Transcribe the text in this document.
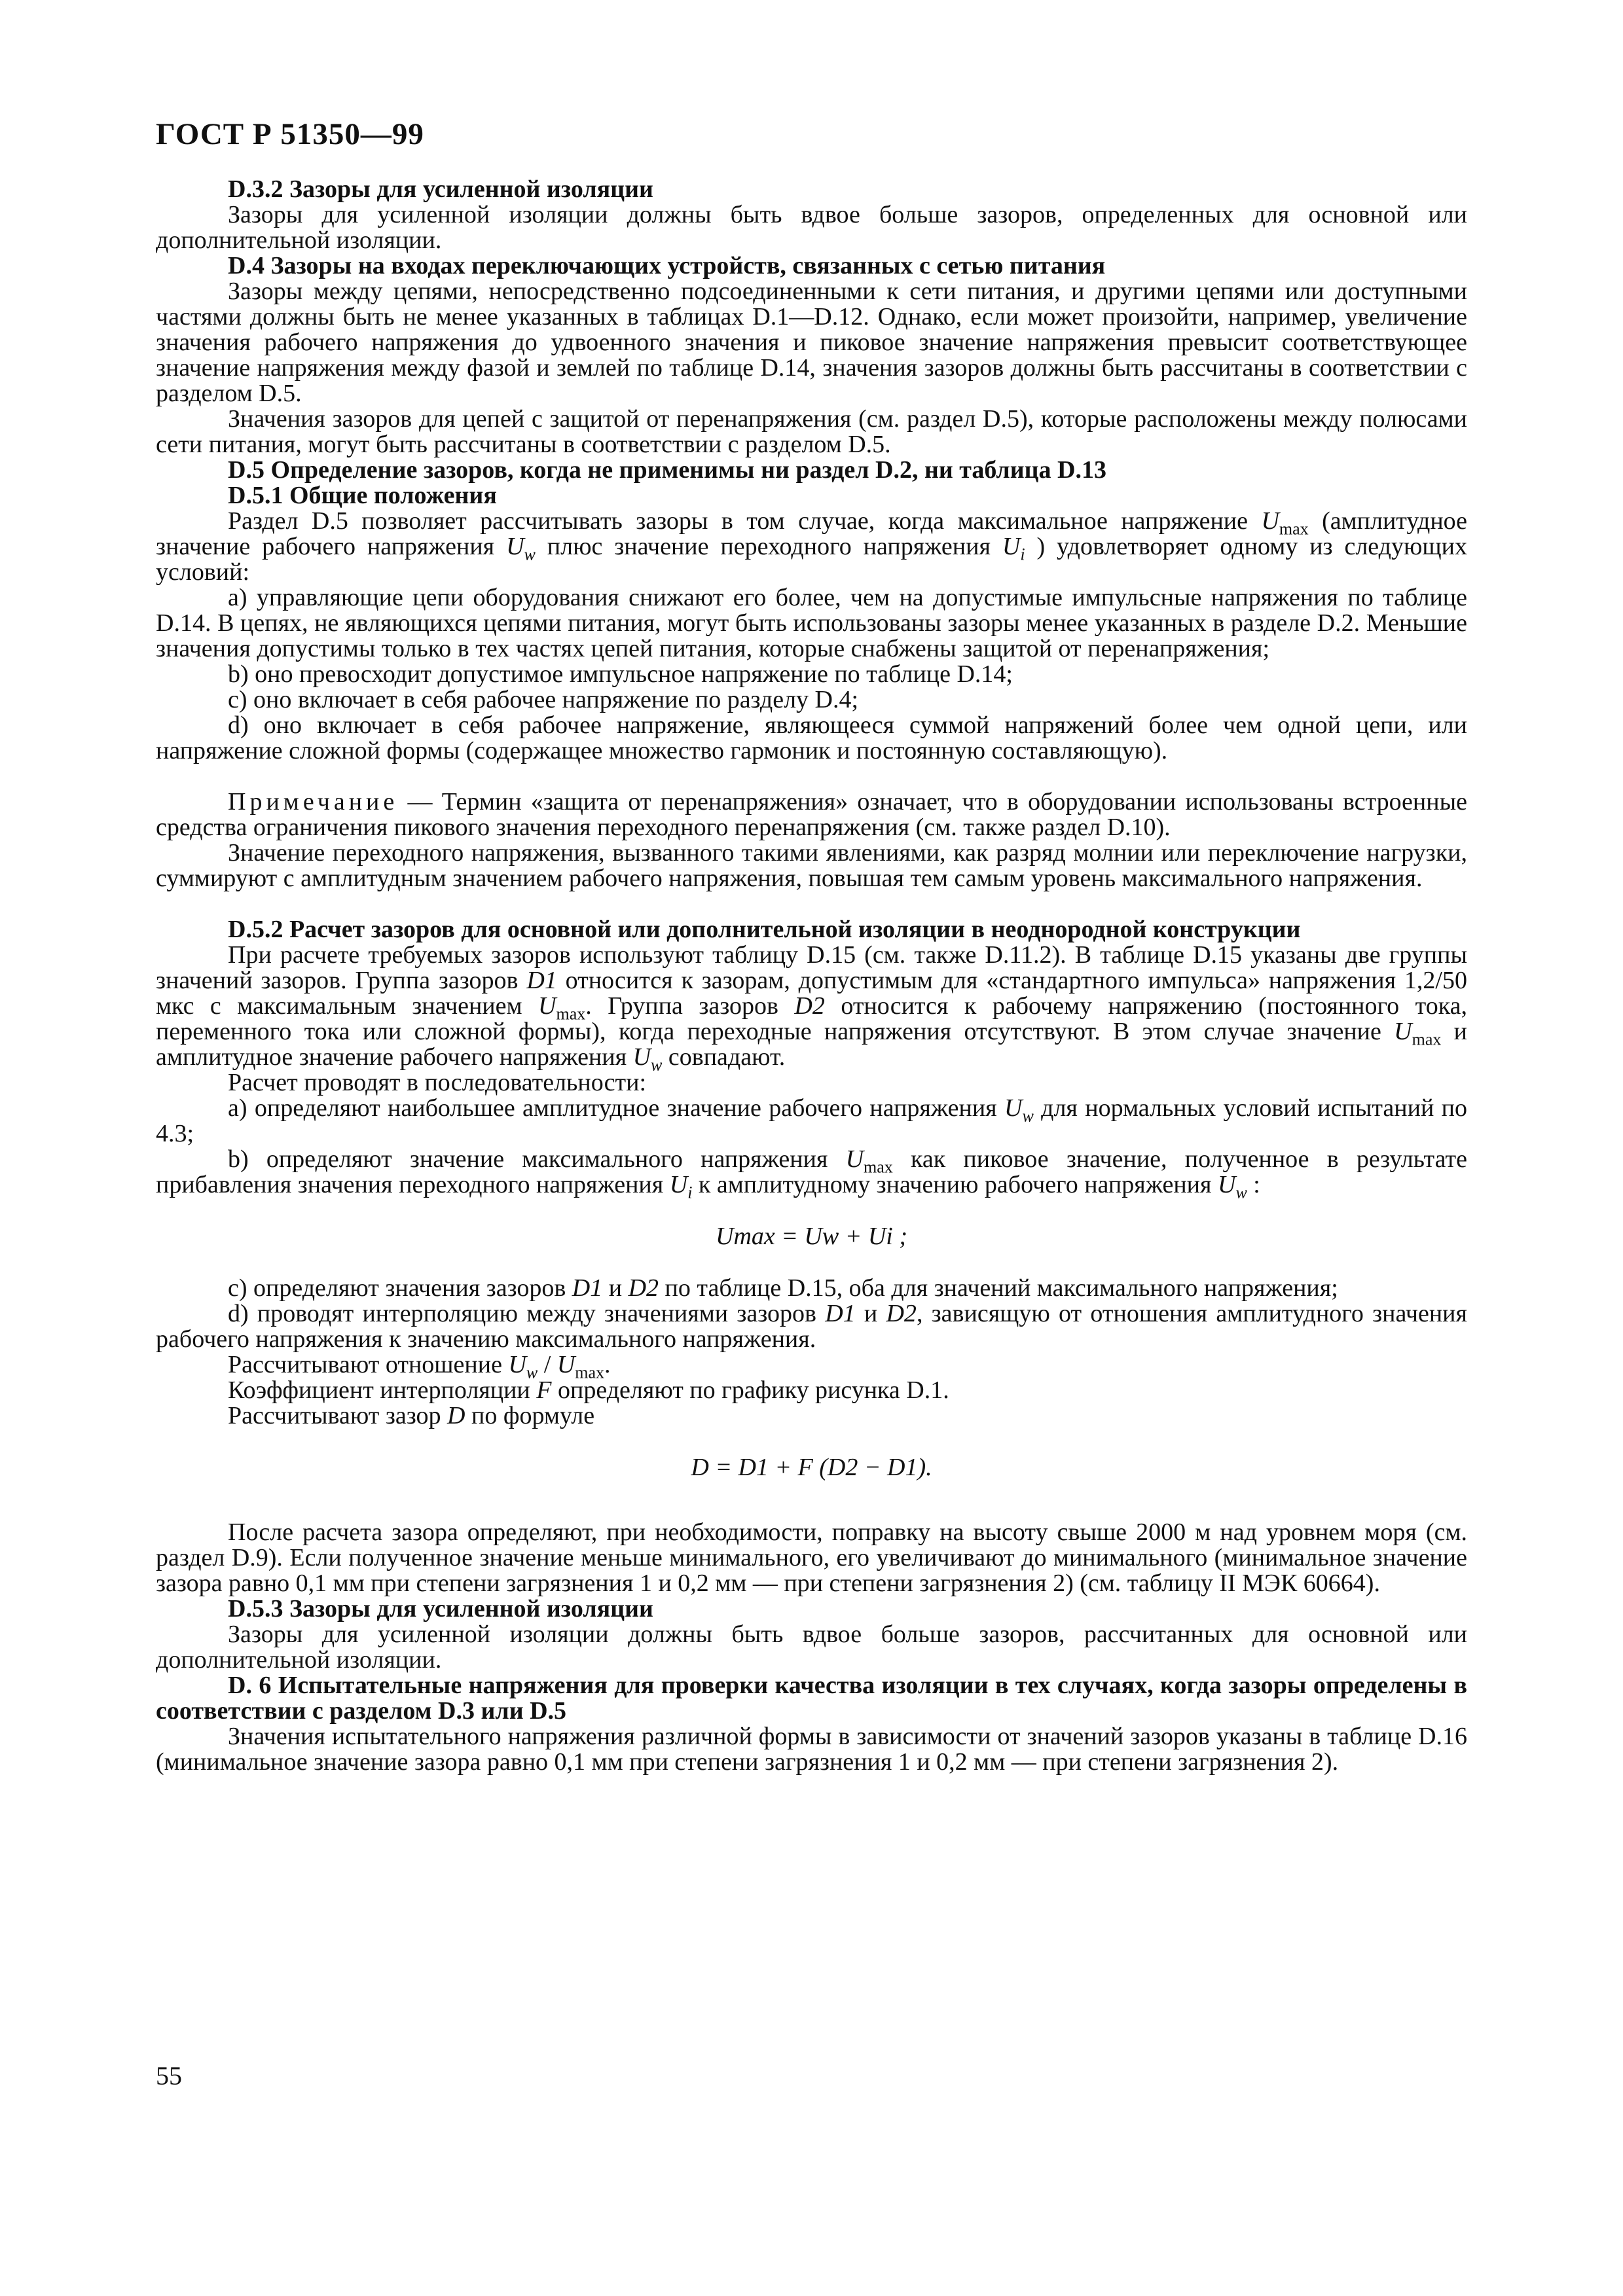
ГОСТ Р 51350—99

D.3.2 Зазоры для усиленной изоляции

Зазоры для усиленной изоляции должны быть вдвое больше зазоров, определенных для основной или дополнительной изоляции.

D.4 Зазоры на входах переключающих устройств, связанных с сетью питания

Зазоры между цепями, непосредственно подсоединенными к сети питания, и другими цепями или доступными частями должны быть не менее указанных в таблицах D.1—D.12. Однако, если может произойти, например, увеличение значения рабочего напряжения до удвоенного значения и пиковое значение напряжения превысит соответствующее значение напряжения между фазой и землей по таблице D.14, значения зазоров должны быть рассчитаны в соответствии с разделом D.5.

Значения зазоров для цепей с защитой от перенапряжения (см. раздел D.5), которые расположены между полюсами сети питания, могут быть рассчитаны в соответствии с разделом D.5.

D.5 Определение зазоров, когда не применимы ни раздел D.2, ни таблица D.13

D.5.1 Общие положения

Раздел D.5 позволяет рассчитывать зазоры в том случае, когда максимальное напряжение $U_{max}$ (амплитудное значение рабочего напряжения $U_w$ плюс значение переходного напряжения $U_i$ ) удовлетворяет одному из следующих условий:

а) управляющие цепи оборудования снижают его более, чем на допустимые импульсные напряжения по таблице D.14. В цепях, не являющихся цепями питания, могут быть использованы зазоры менее указанных в разделе D.2. Меньшие значения допустимы только в тех частях цепей питания, которые снабжены защитой от перенапряжения;

b) оно превосходит допустимое импульсное напряжение по таблице D.14;

с) оно включает в себя рабочее напряжение по разделу D.4;

d) оно включает в себя рабочее напряжение, являющееся суммой напряжений более чем одной цепи, или напряжение сложной формы (содержащее множество гармоник и постоянную составляющую).

Примечание — Термин «защита от перенапряжения» означает, что в оборудовании использованы встроенные средства ограничения пикового значения переходного перенапряжения (см. также раздел D.10).

Значение переходного напряжения, вызванного такими явлениями, как разряд молнии или переключение нагрузки, суммируют с амплитудным значением рабочего напряжения, повышая тем самым уровень максимального напряжения.

D.5.2 Расчет зазоров для основной или дополнительной изоляции в неоднородной конструкции

При расчете требуемых зазоров используют таблицу D.15 (см. также D.11.2). В таблице D.15 указаны две группы значений зазоров. Группа зазоров D1 относится к зазорам, допустимым для «стандартного импульса» напряжения 1,2/50 мкс с максимальным значением $U_{max}$. Группа зазоров D2 относится к рабочему напряжению (постоянного тока, переменного тока или сложной формы), когда переходные напряжения отсутствуют. В этом случае значение $U_{max}$ и амплитудное значение рабочего напряжения $U_w$ совпадают.

Расчет проводят в последовательности:

а) определяют наибольшее амплитудное значение рабочего напряжения $U_w$ для нормальных условий испытаний по 4.3;

b) определяют значение максимального напряжения $U_{max}$ как пиковое значение, полученное в результате прибавления значения переходного напряжения $U_i$ к амплитудному значению рабочего напряжения $U_w$ :

Umax = Uw + Ui ;

с) определяют значения зазоров D1 и D2 по таблице D.15, оба для значений максимального напряжения;

d) проводят интерполяцию между значениями зазоров D1 и D2, зависящую от отношения амплитудного значения рабочего напряжения к значению максимального напряжения.

Рассчитывают отношение $U_w / U_{max}$.

Коэффициент интерполяции F определяют по графику рисунка D.1.

Рассчитывают зазор D по формуле

D = D1 + F (D2 − D1).

После расчета зазора определяют, при необходимости, поправку на высоту свыше 2000 м над уровнем моря (см. раздел D.9). Если полученное значение меньше минимального, его увеличивают до минимального (минимальное значение зазора равно 0,1 мм при степени загрязнения 1 и 0,2 мм — при степени загрязнения 2) (см. таблицу II МЭК 60664).

D.5.3 Зазоры для усиленной изоляции

Зазоры для усиленной изоляции должны быть вдвое больше зазоров, рассчитанных для основной или дополнительной изоляции.

D. 6 Испытательные напряжения для проверки качества изоляции в тех случаях, когда зазоры определены в соответствии с разделом D.3 или D.5

Значения испытательного напряжения различной формы в зависимости от значений зазоров указаны в таблице D.16 (минимальное значение зазора равно 0,1 мм при степени загрязнения 1 и 0,2 мм — при степени загрязнения 2).

55
